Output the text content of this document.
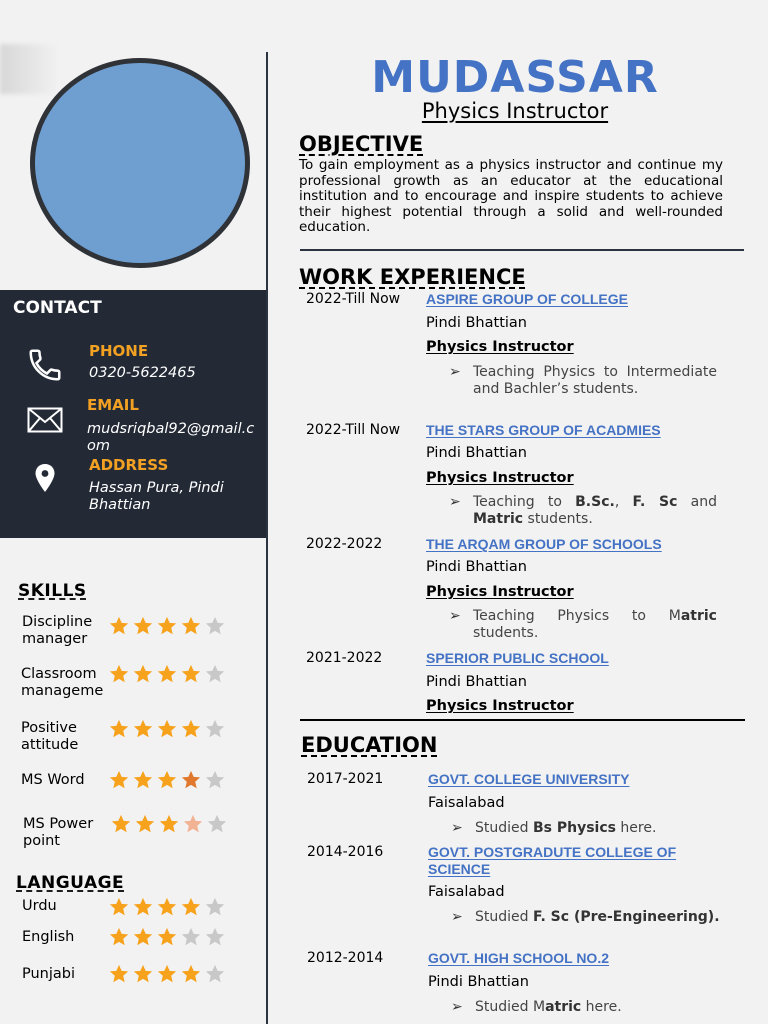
CONTACT
PHONE
0320-5622465
EMAIL
mudsriqbal92@gmail.c
om
ADDRESS
Hassan Pura, Pindi
Bhattian
SKILLS
Discipline
manager
Classroom
manageme
Positive
attitude
MS Word
MS Power
point
LANGUAGE
Urdu
English
Punjabi
MUDASSAR
Physics Instructor
OBJECTIVE
To gain employment as a physics instructor and continue my professional growth as an educator at the educational institution and to encourage and inspire students to achieve their highest potential through a solid and well-rounded education.
WORK EXPERIENCE
2022-Till Now ASPIRE GROUP OF COLLEGE
Pindi Bhattian
Physics Instructor
➢ Teaching Physics to Intermediate and Bachler’s students.
2022-Till Now THE STARS GROUP OF ACADMIES
Pindi Bhattian
Physics Instructor
➢ Teaching to B.Sc., F. Sc and Matric students.
2022-2022	THE ARQAM GROUP OF SCHOOLS
Pindi Bhattian
Physics Instructor
➢ Teaching Physics to Matric students.
2021-2022	SPERIOR PUBLIC SCHOOL
Pindi Bhattian
Physics Instructor
EDUCATION
2017-2021	GOVT. COLLEGE UNIVERSITY
Faisalabad
➢ Studied Bs Physics here.
2014-2016	GOVT. POSTGRADUTE COLLEGE OF
SCIENCE
Faisalabad
➢ Studied F. Sc (Pre-Engineering).
2012-2014	GOVT. HIGH SCHOOL NO.2
Pindi Bhattian
➢ Studied Matric here.
